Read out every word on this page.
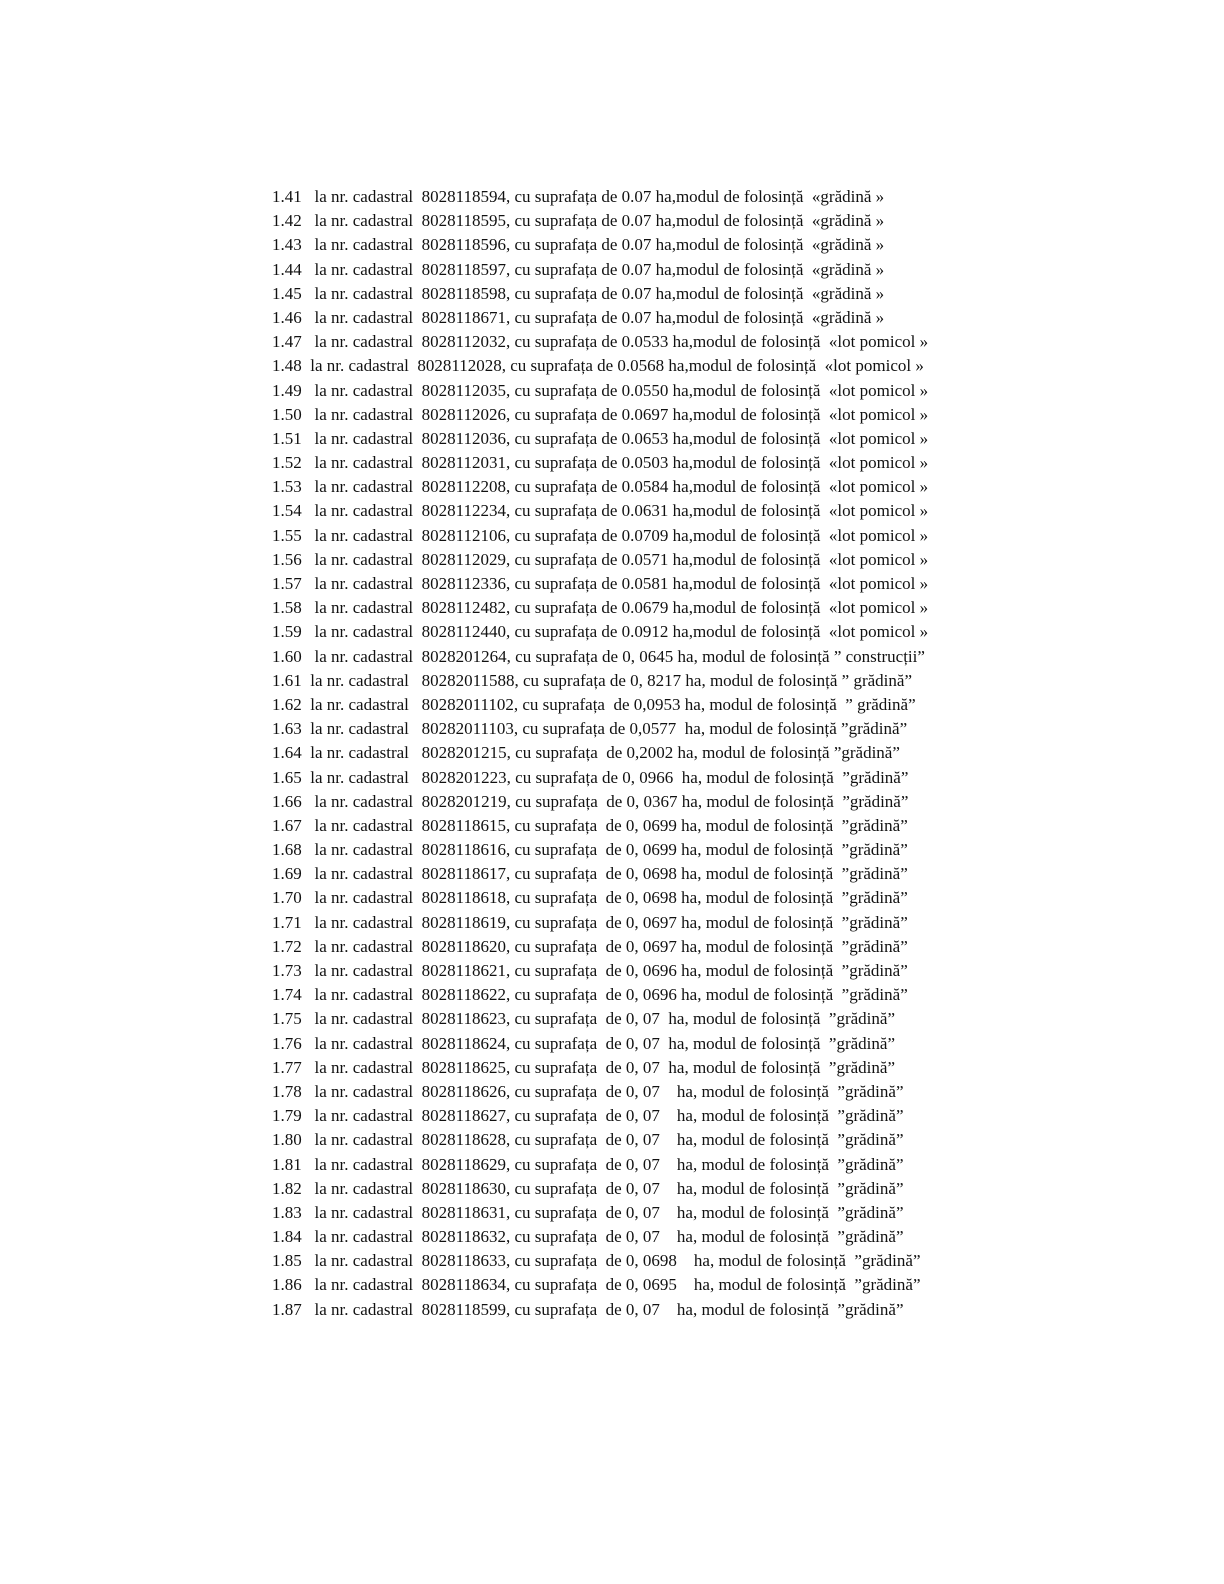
1.41   la nr. cadastral  8028118594, cu suprafața de 0.07 ha,modul de folosință  «grădină »
1.42   la nr. cadastral  8028118595, cu suprafața de 0.07 ha,modul de folosință  «grădină »
1.43   la nr. cadastral  8028118596, cu suprafața de 0.07 ha,modul de folosință  «grădină »
1.44   la nr. cadastral  8028118597, cu suprafața de 0.07 ha,modul de folosință  «grădină »
1.45   la nr. cadastral  8028118598, cu suprafața de 0.07 ha,modul de folosință  «grădină »
1.46   la nr. cadastral  8028118671, cu suprafața de 0.07 ha,modul de folosință  «grădină »
1.47   la nr. cadastral  8028112032, cu suprafața de 0.0533 ha,modul de folosință  «lot pomicol »
1.48  la nr. cadastral  8028112028, cu suprafața de 0.0568 ha,modul de folosință  «lot pomicol »
1.49   la nr. cadastral  8028112035, cu suprafața de 0.0550 ha,modul de folosință  «lot pomicol »
1.50   la nr. cadastral  8028112026, cu suprafața de 0.0697 ha,modul de folosință  «lot pomicol »
1.51   la nr. cadastral  8028112036, cu suprafața de 0.0653 ha,modul de folosință  «lot pomicol »
1.52   la nr. cadastral  8028112031, cu suprafața de 0.0503 ha,modul de folosință  «lot pomicol »
1.53   la nr. cadastral  8028112208, cu suprafața de 0.0584 ha,modul de folosință  «lot pomicol »
1.54   la nr. cadastral  8028112234, cu suprafața de 0.0631 ha,modul de folosință  «lot pomicol »
1.55   la nr. cadastral  8028112106, cu suprafața de 0.0709 ha,modul de folosință  «lot pomicol »
1.56   la nr. cadastral  8028112029, cu suprafața de 0.0571 ha,modul de folosință  «lot pomicol »
1.57   la nr. cadastral  8028112336, cu suprafața de 0.0581 ha,modul de folosință  «lot pomicol »
1.58   la nr. cadastral  8028112482, cu suprafața de 0.0679 ha,modul de folosință  «lot pomicol »
1.59   la nr. cadastral  8028112440, cu suprafața de 0.0912 ha,modul de folosință  «lot pomicol »
1.60   la nr. cadastral  8028201264, cu suprafața de 0, 0645 ha, modul de folosință ” construcții”
1.61  la nr. cadastral   80282011588, cu suprafața de 0, 8217 ha, modul de folosință ” grădină”
1.62  la nr. cadastral   80282011102, cu suprafața  de 0,0953 ha, modul de folosință  ” grădină”
1.63  la nr. cadastral   80282011103, cu suprafața de 0,0577  ha, modul de folosință ”grădină”
1.64  la nr. cadastral   8028201215, cu suprafața  de 0,2002 ha, modul de folosință ”grădină”
1.65  la nr. cadastral   8028201223, cu suprafața de 0, 0966  ha, modul de folosință  ”grădină”
1.66   la nr. cadastral  8028201219, cu suprafața  de 0, 0367 ha, modul de folosință  ”grădină”
1.67   la nr. cadastral  8028118615, cu suprafața  de 0, 0699 ha, modul de folosință  ”grădină”
1.68   la nr. cadastral  8028118616, cu suprafața  de 0, 0699 ha, modul de folosință  ”grădină”
1.69   la nr. cadastral  8028118617, cu suprafața  de 0, 0698 ha, modul de folosință  ”grădină”
1.70   la nr. cadastral  8028118618, cu suprafața  de 0, 0698 ha, modul de folosință  ”grădină”
1.71   la nr. cadastral  8028118619, cu suprafața  de 0, 0697 ha, modul de folosință  ”grădină”
1.72   la nr. cadastral  8028118620, cu suprafața  de 0, 0697 ha, modul de folosință  ”grădină”
1.73   la nr. cadastral  8028118621, cu suprafața  de 0, 0696 ha, modul de folosință  ”grădină”
1.74   la nr. cadastral  8028118622, cu suprafața  de 0, 0696 ha, modul de folosință  ”grădină”
1.75   la nr. cadastral  8028118623, cu suprafața  de 0, 07  ha, modul de folosință  ”grădină”
1.76   la nr. cadastral  8028118624, cu suprafața  de 0, 07  ha, modul de folosință  ”grădină”
1.77   la nr. cadastral  8028118625, cu suprafața  de 0, 07  ha, modul de folosință  ”grădină”
1.78   la nr. cadastral  8028118626, cu suprafața  de 0, 07    ha, modul de folosință  ”grădină”
1.79   la nr. cadastral  8028118627, cu suprafața  de 0, 07    ha, modul de folosință  ”grădină”
1.80   la nr. cadastral  8028118628, cu suprafața  de 0, 07    ha, modul de folosință  ”grădină”
1.81   la nr. cadastral  8028118629, cu suprafața  de 0, 07    ha, modul de folosință  ”grădină”
1.82   la nr. cadastral  8028118630, cu suprafața  de 0, 07    ha, modul de folosință  ”grădină”
1.83   la nr. cadastral  8028118631, cu suprafața  de 0, 07    ha, modul de folosință  ”grădină”
1.84   la nr. cadastral  8028118632, cu suprafața  de 0, 07    ha, modul de folosință  ”grădină”
1.85   la nr. cadastral  8028118633, cu suprafața  de 0, 0698    ha, modul de folosință  ”grădină”
1.86   la nr. cadastral  8028118634, cu suprafața  de 0, 0695    ha, modul de folosință  ”grădină”
1.87   la nr. cadastral  8028118599, cu suprafața  de 0, 07    ha, modul de folosință  ”grădină”
